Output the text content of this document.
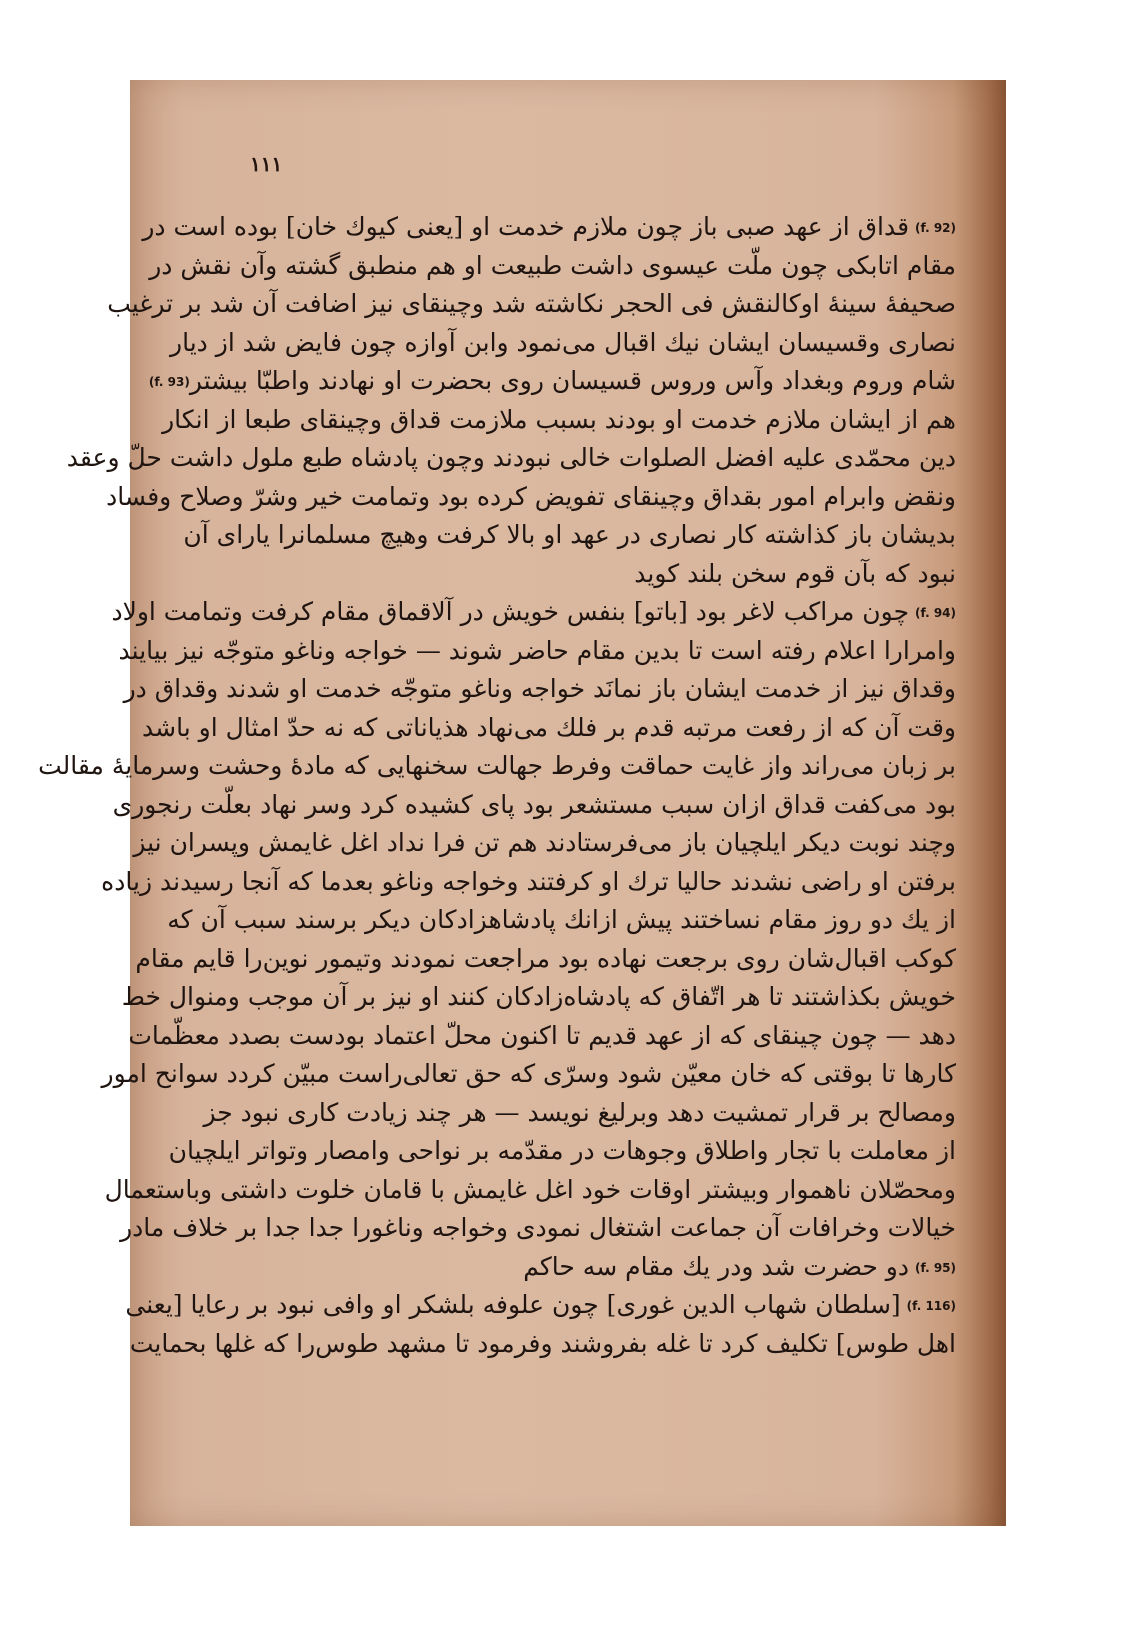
۱۱۱
(f. 92)قداق از عهد صبی باز چون ملازم خدمت او [یعنی کیوك خان] بوده است در
مقام اتابکی چون ملّت عیسوی داشت طبیعت او هم منطبق گشته وآن نقش در
صحیفهٔ سینهٔ اوکالنقش فی الحجر نکاشته شد وچینقای نیز اضافت آن شد بر ترغیب
نصاری وقسیسان ایشان نیك اقبال می‌نمود وابن آوازه چون فایض شد از دیار
شام وروم وبغداد وآس وروس قسیسان روی بحضرت او نهادند واطبّا بیشتر(f. 93)
هم از ایشان ملازم خدمت او بودند بسبب ملازمت قداق وچینقای طبعا از انکار
دین محمّدی علیه افضل الصلوات خالی نبودند وچون پادشاه طبع ملول داشت حلّ وعقد
ونقض وابرام امور بقداق وچینقای تفویض کرده بود وتمامت خیر وشرّ وصلاح وفساد
بدیشان باز کذاشته کار نصاری در عهد او بالا کرفت وهیچ مسلمانرا یارای آن
نبود که بآن قوم سخن بلند کوید
(f. 94)چون مراکب لاغر بود [باتو] بنفس خویش در آلاقماق مقام کرفت وتمامت اولاد
وامرارا اعلام رفته است تا بدین مقام حاضر شوند — خواجه وناغو متوجّه نیز بیایند
وقداق نیز از خدمت ایشان باز نمانَد خواجه وناغو متوجّه خدمت او شدند وقداق در
وقت آن که از رفعت مرتبه قدم بر فلك می‌نهاد هذیاناتی که نه حدّ امثال او باشد
بر زبان می‌راند واز غایت حماقت وفرط جهالت سخنهایی که مادهٔ وحشت وسرمایهٔ مقالت
بود می‌کفت قداق ازان سبب مستشعر بود پای کشیده کرد وسر نهاد بعلّت رنجوری
وچند نوبت دیکر ایلچیان باز می‌فرستادند هم تن فرا نداد اغل غایمش وپسران نیز
برفتن او راضی نشدند حالیا ترك او کرفتند وخواجه وناغو بعدما که آنجا رسیدند زیاده
از یك دو روز مقام نساختند پیش ازانك پادشاهزادکان دیکر برسند سبب آن که
کوکب اقبال‌شان روی برجعت نهاده بود مراجعت نمودند وتیمور نوین‌را قایم مقام
خویش بکذاشتند تا هر اتّفاق که پادشاه‌زادکان کنند او نیز بر آن موجب ومنوال خط
دهد — چون چینقای که از عهد قدیم تا اکنون محلّ اعتماد بودست بصدد معظّمات
کارها تا بوقتی که خان معیّن شود وسرّی که حق تعالی‌راست مبیّن کردد سوانح امور
ومصالح بر قرار تمشیت دهد وبرلیغ نویسد — هر چند زیادت کاری نبود جز
از معاملت با تجار واطلاق وجوهات در مقدّمه بر نواحی وامصار وتواتر ایلچیان
ومحصّلان ناهموار وبیشتر اوقات خود اغل غایمش با قامان خلوت داشتی وباستعمال
خیالات وخرافات آن جماعت اشتغال نمودی وخواجه وناغورا جدا جدا بر خلاف مادر
(f. 95)دو حضرت شد ودر یك مقام سه حاکم
(f. 116)[سلطان شهاب الدین غوری] چون علوفه بلشکر او وافی نبود بر رعایا [یعنی
اهل طوس] تکلیف کرد تا غله بفروشند وفرمود تا مشهد طوس‌را که غلها بحمایت
